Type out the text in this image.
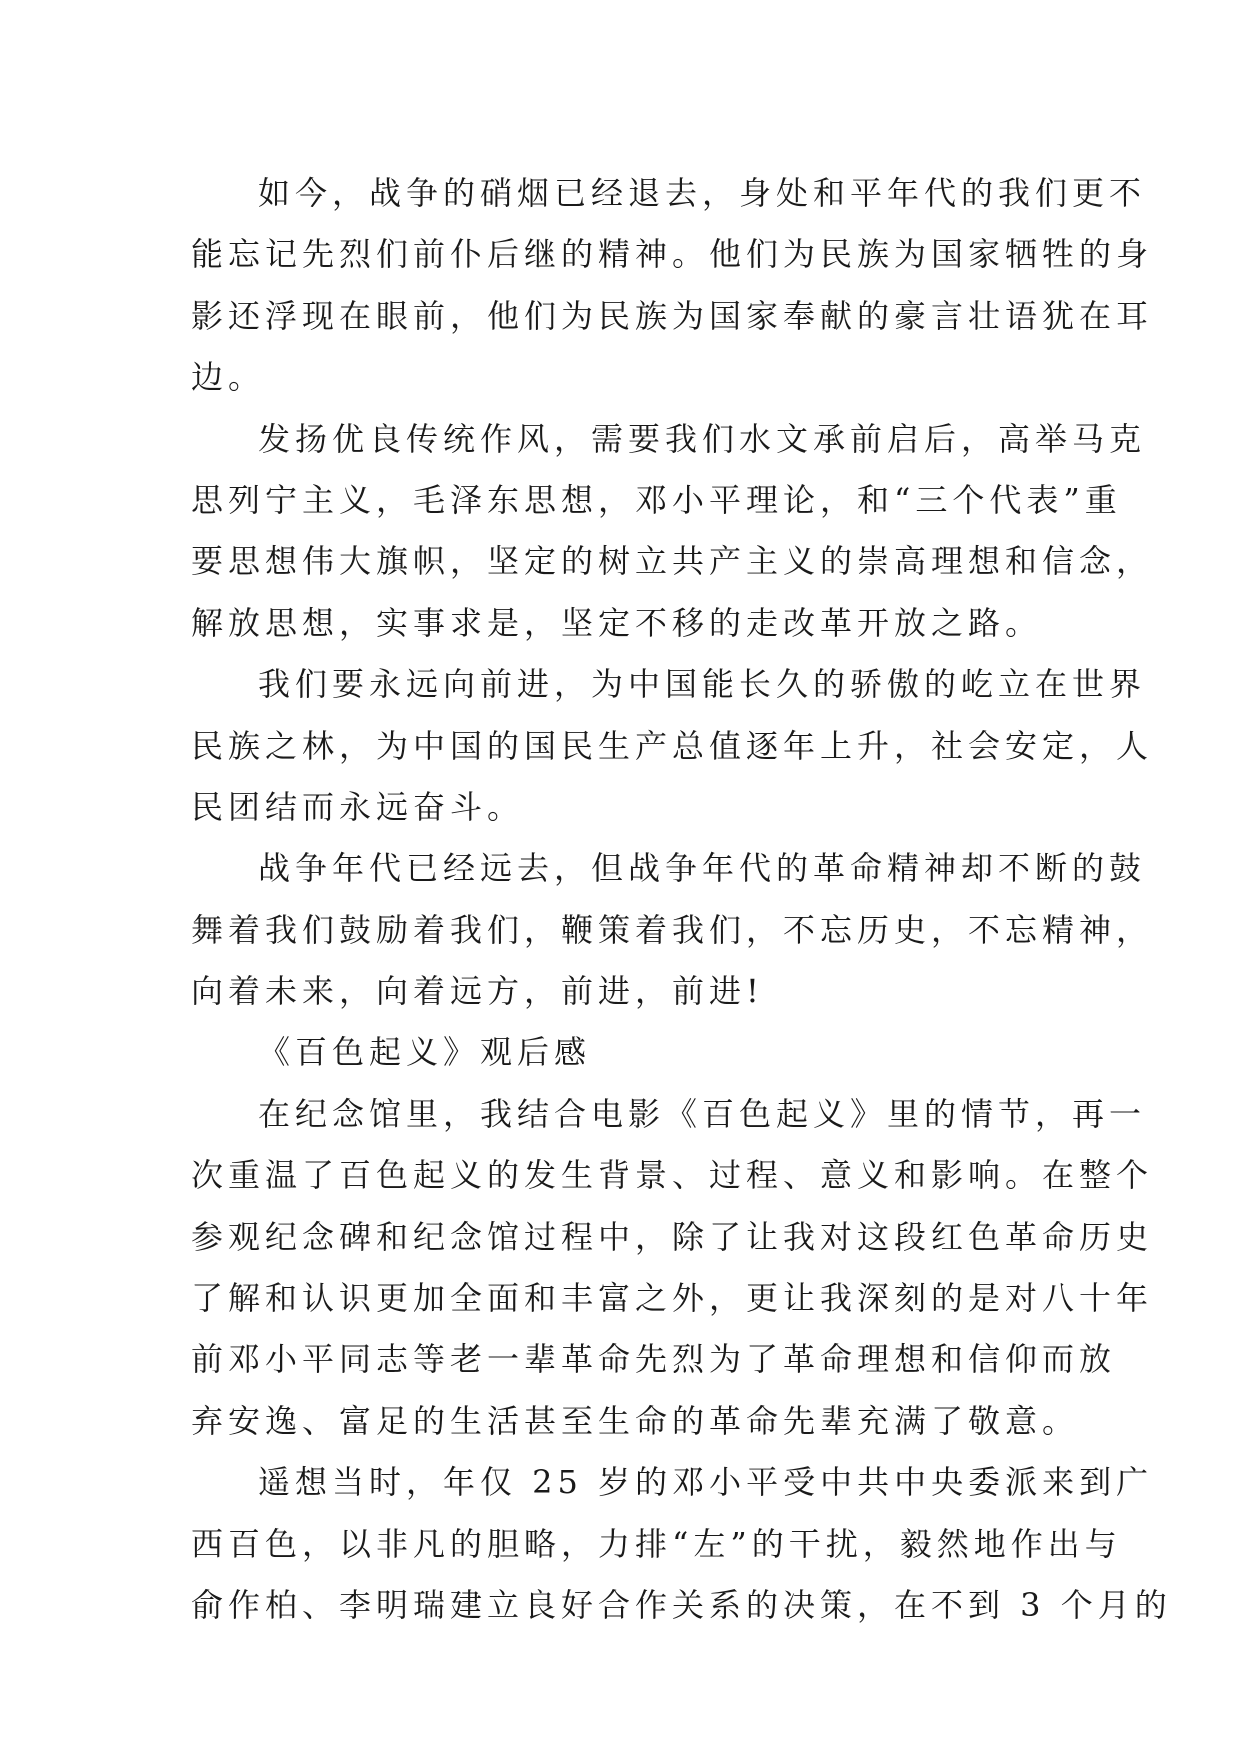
如今，战争的硝烟已经退去，身处和平年代的我们更不
能忘记先烈们前仆后继的精神。他们为民族为国家牺牲的身
影还浮现在眼前，他们为民族为国家奉献的豪言壮语犹在耳
边。
发扬优良传统作风，需要我们水文承前启后，高举马克
思列宁主义，毛泽东思想，邓小平理论，和“三个代表”重
要思想伟大旗帜，坚定的树立共产主义的崇高理想和信念，
解放思想，实事求是，坚定不移的走改革开放之路。
我们要永远向前进，为中国能长久的骄傲的屹立在世界
民族之林，为中国的国民生产总值逐年上升，社会安定，人
民团结而永远奋斗。
战争年代已经远去，但战争年代的革命精神却不断的鼓
舞着我们鼓励着我们，鞭策着我们，不忘历史，不忘精神，
向着未来，向着远方，前进，前进!
《百色起义》观后感
在纪念馆里，我结合电影《百色起义》里的情节，再一
次重温了百色起义的发生背景、过程、意义和影响。在整个
参观纪念碑和纪念馆过程中，除了让我对这段红色革命历史
了解和认识更加全面和丰富之外，更让我深刻的是对八十年
前邓小平同志等老一辈革命先烈为了革命理想和信仰而放
弃安逸、富足的生活甚至生命的革命先辈充满了敬意。
遥想当时，年仅 25 岁的邓小平受中共中央委派来到广
西百色，以非凡的胆略，力排“左”的干扰，毅然地作出与
俞作柏、李明瑞建立良好合作关系的决策，在不到 3 个月的
